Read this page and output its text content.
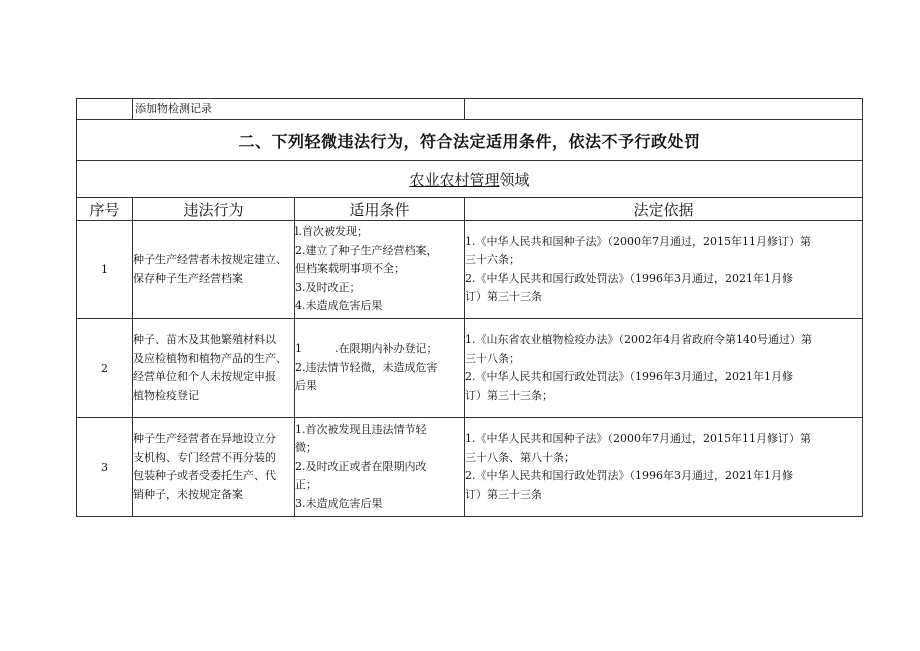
	添加物检测记录		
二、下列轻微违法行为，符合法定适用条件，依法不予行政处罚			
农业农村管理领域			
序号	违法行为	适用条件	法定依据
1	种子生产经营者未按规定建立、
保存种子生产经营档案	l.首次被发现；
2.建立了种子生产经营档案，
但档案载明事项不全；
3.及时改正；
4.未造成危害后果	1.《中华人民共和国种子法》（2000年7月通过，2015年11月修订）第
三十六条；
2.《中华人民共和国行政处罚法》（1996年3月通过，2021年1月修
订）第三十三条

2	种子、苗木及其他繁殖材料以
及应检植物和植物产品的生产、
经营单位和个人未按规定申报
植物检疫登记	1　　　.在限期内补办登记；
2.违法情节轻微，未造成危害
后果	1.《山东省农业植物检疫办法》（2002年4月省政府令第140号通过）第
三十八条；
2.《中华人民共和国行政处罚法》（1996年3月通过，2021年1月修
订）第三十三条；

3	种子生产经营者在异地设立分
支机构、专门经营不再分装的
包装种子或者受委托生产、代
销种子，未按规定备案	1.首次被发现且违法情节轻
微；
2.及时改正或者在限期内改
正；
3.未造成危害后果	1.《中华人民共和国种子法》（2000年7月通过，2015年11月修订）第
三十八条、第八十条；
2.《中华人民共和国行政处罚法》（1996年3月通过，2021年1月修
订）第三十三条
